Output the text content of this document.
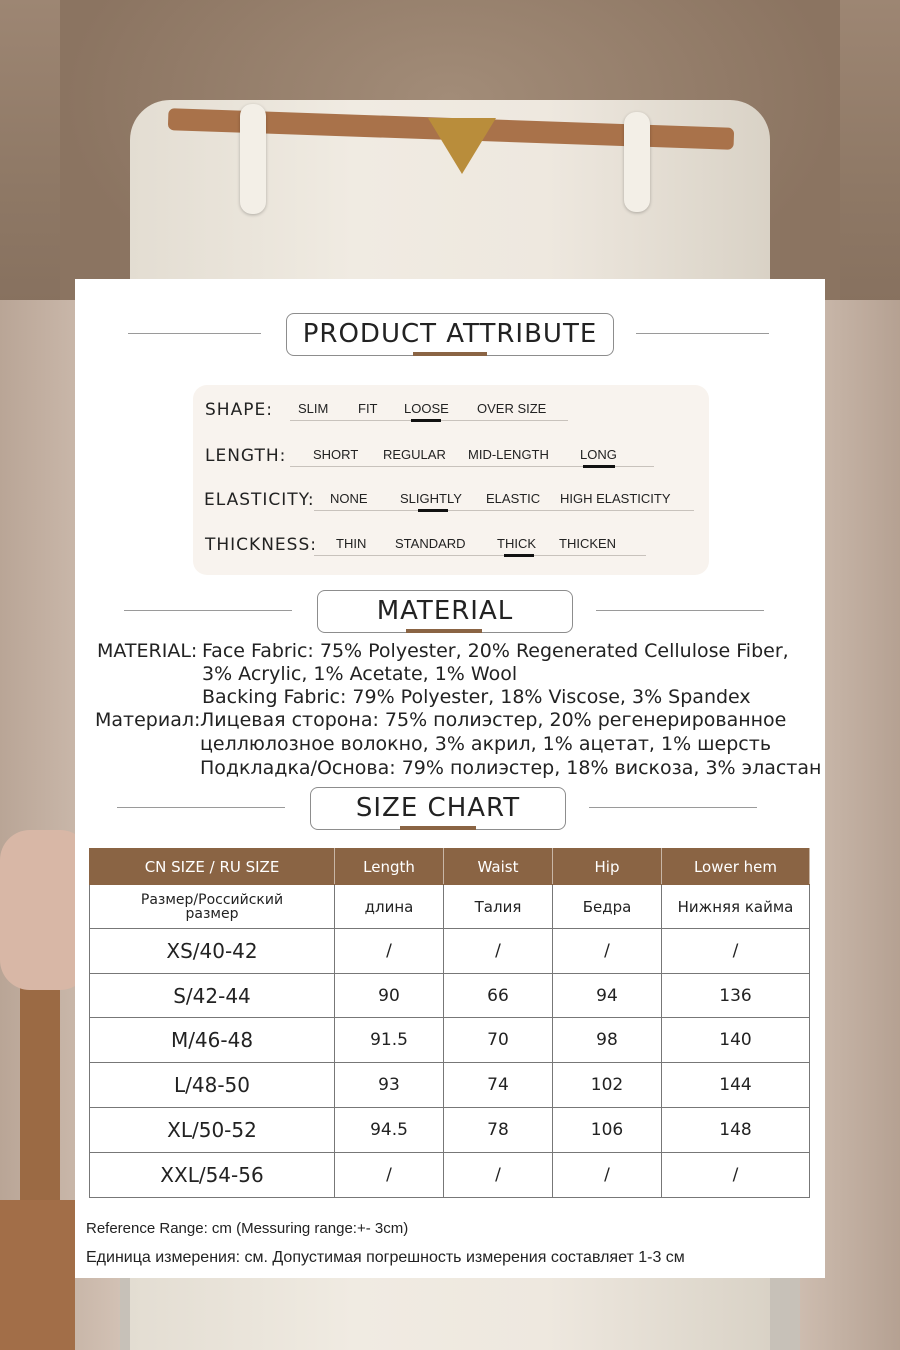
PRODUCT ATTRIBUTE
SHAPE: SLIM FIT LOOSE OVER SIZE
LENGTH: SHORT REGULAR MID-LENGTH LONG
ELASTICITY: NONE SLIGHTLY ELASTIC HIGH ELASTICITY
THICKNESS: THIN STANDARD THICK THICKEN
MATERIAL
MATERIAL: Face Fabric: 75% Polyester, 20% Regenerated Cellulose Fiber,
3% Acrylic, 1% Acetate, 1% Wool
Backing Fabric: 79% Polyester, 18% Viscose, 3% Spandex
Материал: Лицевая сторона: 75% полиэстер, 20% регенерированное
целлюлозное волокно, 3% акрил, 1% ацетат, 1% шерсть
Подкладка/Основа: 79% полиэстер, 18% вискоза, 3% эластан
SIZE CHART
CN SIZE / RU SIZE	Length	Waist	Hip	Lower hem
Размер/Российский размер	длина	Талия	Бедра	Нижняя кайма
XS/40-42	/	/	/	/
S/42-44	90	66	94	136
M/46-48	91.5	70	98	140
L/48-50	93	74	102	144
XL/50-52	94.5	78	106	148
XXL/54-56	/	/	/	/
Reference Range: cm (Messuring range:+- 3cm)
Единица измерения: см. Допустимая погрешность измерения составляет 1-3 см
